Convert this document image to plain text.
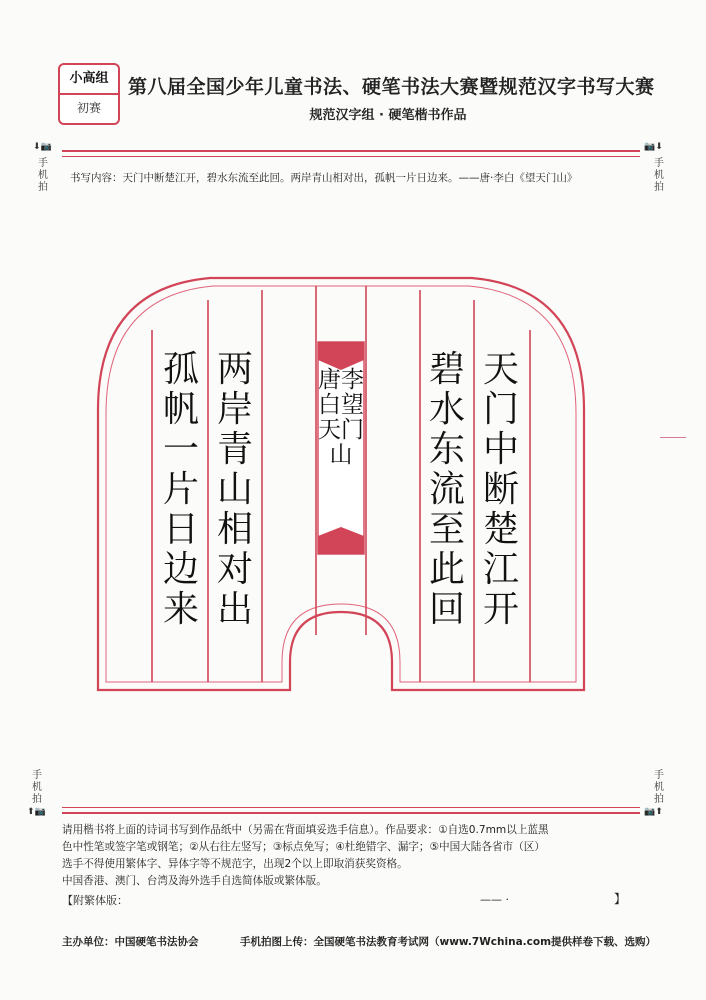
小高组
初赛
第八届全国少年儿童书法、硬笔书法大赛暨规范汉字书写大赛
规范汉字组 · 硬笔楷书作品
⬇📷
手机拍
📷⬇
手机拍
书写内容：天门中断楚江开，碧水东流至此回。两岸青山相对出，孤帆一片日边来。——唐·李白《望天门山》
天门中断楚江开
碧水东流至此回
唐李白望天门山
两岸青山相对出
孤帆一片日边来
手机拍
⬆📷
手机拍
📷⬆

请用楷书将上面的诗词书写到作品纸中（另需在背面填妥选手信息）。作品要求：①自选0.7mm以上蓝黑

色中性笔或签字笔或钢笔；②从右往左竖写；③标点免写；④杜绝错字、漏字；⑤中国大陆各省市（区）

选手不得使用繁体字、异体字等不规范字，出现2个以上即取消获奖资格。

中国香港、澳门、台湾及海外选手自选简体版或繁体版。

【附繁体版：	—— ·	】
主办单位：中国硬笔书法协会	手机拍图上传：全国硬笔书法教育考试网（www.7Wchina.com提供样卷下载、选购）
